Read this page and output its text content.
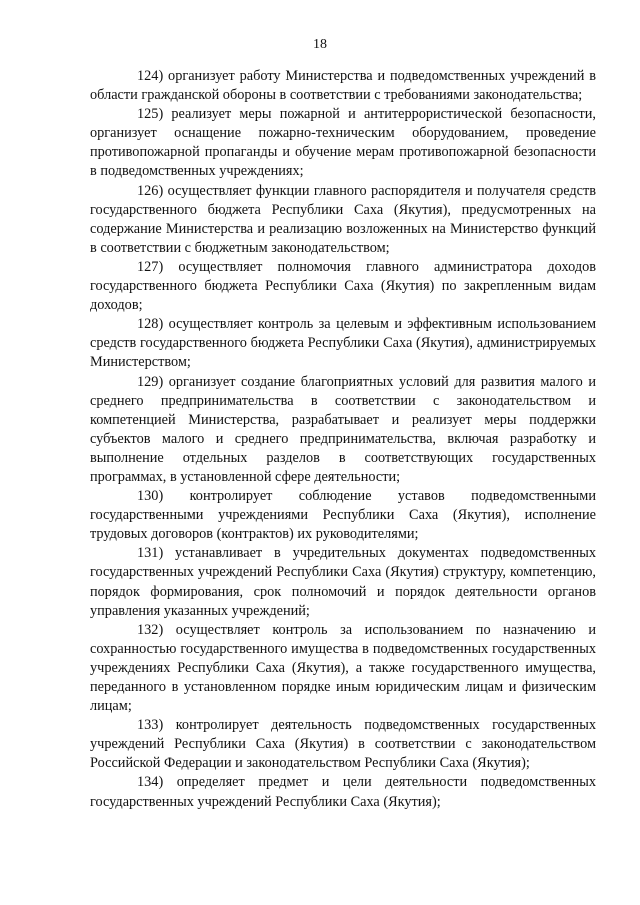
18

124) организует работу Министерства и подведомственных учреждений в области гражданской обороны в соответствии с требованиями законодательства;

125) реализует меры пожарной и антитеррористической безопасности, организует оснащение пожарно-техническим оборудованием, проведение противопожарной пропаганды и обучение мерам противопожарной безопасности в подведомственных учреждениях;

126) осуществляет функции главного распорядителя и получателя средств государственного бюджета Республики Саха (Якутия), предусмотренных на содержание Министерства и реализацию возложенных на Министерство функций в соответствии с бюджетным законодательством;

127) осуществляет полномочия главного администратора доходов государственного бюджета Республики Саха (Якутия) по закрепленным видам доходов;

128) осуществляет контроль за целевым и эффективным использованием средств государственного бюджета Республики Саха (Якутия), администрируемых Министерством;

129) организует создание благоприятных условий для развития малого и среднего предпринимательства в соответствии с законодательством и компетенцией Министерства, разрабатывает и реализует меры поддержки субъектов малого и среднего предпринимательства, включая разработку и выполнение отдельных разделов в соответствующих государственных программах, в установленной сфере деятельности;

130) контролирует соблюдение уставов подведомственными государственными учреждениями Республики Саха (Якутия), исполнение трудовых договоров (контрактов) их руководителями;

131) устанавливает в учредительных документах подведомственных государственных учреждений Республики Саха (Якутия) структуру, компетенцию, порядок формирования, срок полномочий и порядок деятельности органов управления указанных учреждений;

132) осуществляет контроль за использованием по назначению и сохранностью государственного имущества в подведомственных государственных учреждениях Республики Саха (Якутия), а также государственного имущества, переданного в установленном порядке иным юридическим лицам и физическим лицам;

133) контролирует деятельность подведомственных государственных учреждений Республики Саха (Якутия) в соответствии с законодательством Российской Федерации и законодательством Республики Саха (Якутия);

134) определяет предмет и цели деятельности подведомственных государственных учреждений Республики Саха (Якутия);
